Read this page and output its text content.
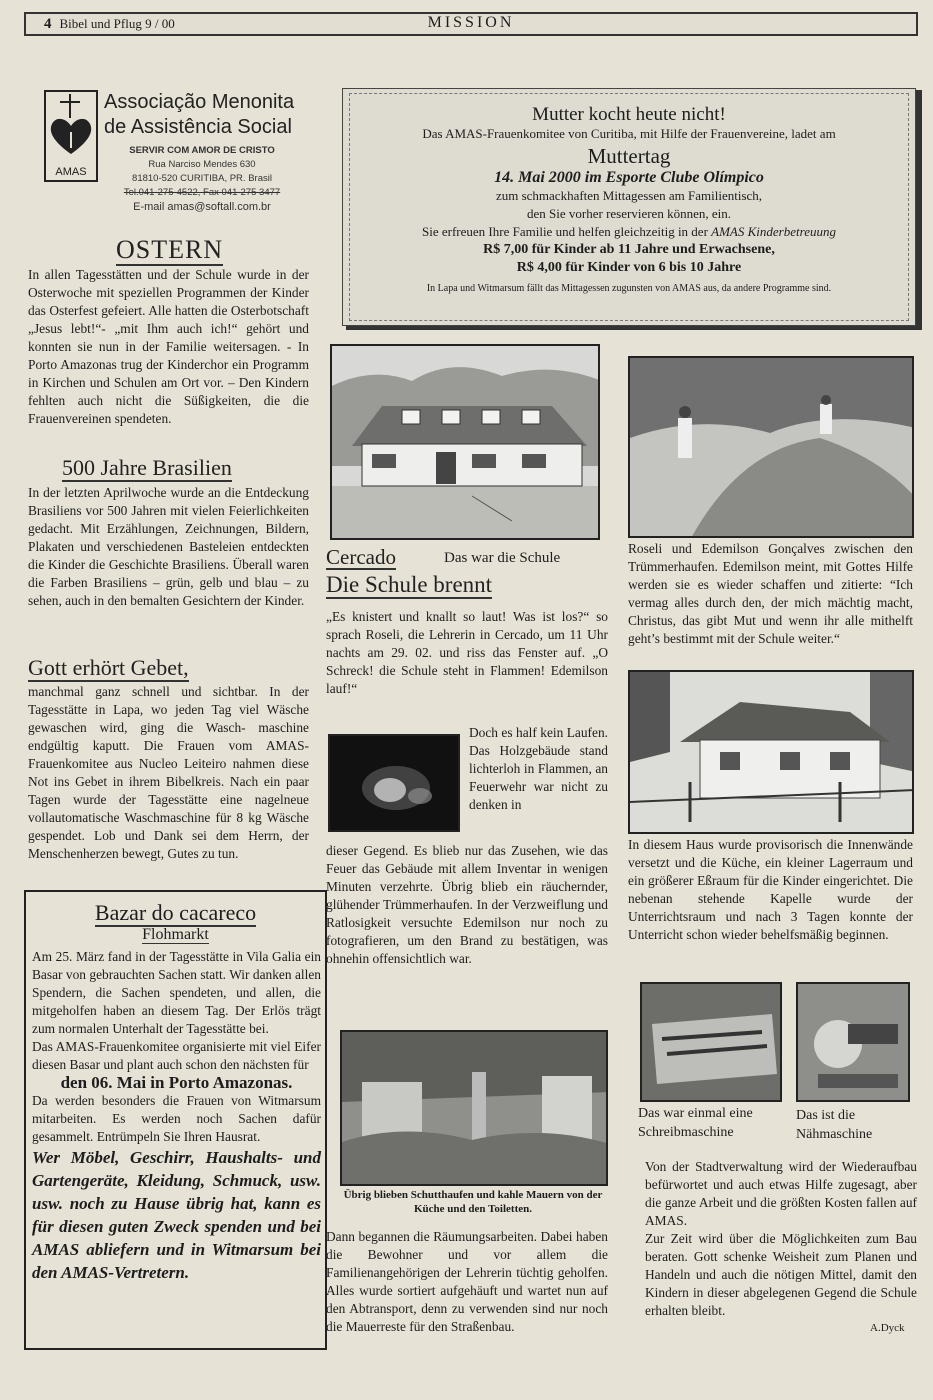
4 Bibel und Pflug 9 / 00	MISSION
AMAS
Associação Menonita
de Assistência Social
SERVIR COM AMOR DE CRISTO
Rua Narciso Mendes 630
81810-520 CURITIBA, PR. Brasil
Tel.041-275-4522, Fax 041-275 3477
E-mail amas@softall.com.br
OSTERN
In allen Tagesstätten und der Schule wurde in der Osterwoche mit speziellen Programmen der Kinder das Osterfest gefeiert. Alle hatten die Osterbotschaft „Jesus lebt!“- „mit Ihm auch ich!“ gehört und konnten sie nun in der Familie weitersagen. - In Porto Amazonas trug der Kinderchor ein Programm in Kirchen und Schulen am Ort vor. – Den Kindern fehlten auch nicht die Süßigkeiten, die die Frauenvereinen spendeten.
500 Jahre Brasilien
In der letzten Aprilwoche wurde an die Entdeckung Brasiliens vor 500 Jahren mit vielen Feierlichkeiten gedacht. Mit Erzählungen, Zeichnungen, Bildern, Plakaten und verschiedenen Basteleien entdeckten die Kinder die Geschichte Brasiliens. Überall waren die Farben Brasiliens – grün, gelb und blau – zu sehen, auch in den bemalten Gesichtern der Kinder.
Gott erhört Gebet,
manchmal ganz schnell und sichtbar. In der Tagesstätte in Lapa, wo jeden Tag viel Wäsche gewaschen wird, ging die Wasch- maschine endgültig kaputt. Die Frauen vom AMAS-Frauenkomitee aus Nucleo Leiteiro nahmen diese Not ins Gebet in ihrem Bibelkreis. Nach ein paar Tagen wurde der Tagesstätte eine nagelneue vollautomatische Waschmaschine für 8 kg Wäsche gespendet. Lob und Dank sei dem Herrn, der Menschenherzen bewegt, Gutes zu tun.
Bazar do cacareco
Flohmarkt

Am 25. März fand in der Tagesstätte in Vila Galia ein Basar von gebrauchten Sachen statt. Wir danken allen Spendern, die Sachen spendeten, und allen, die mitgeholfen haben an diesem Tag. Der Erlös trägt zum normalen Unterhalt der Tagesstätte bei.

Das AMAS-Frauenkomitee organisierte mit viel Eifer diesen Basar und plant auch schon den nächsten für

den 06. Mai in Porto Amazonas.

Da werden besonders die Frauen von Witmarsum mitarbeiten. Es werden noch Sachen dafür gesammelt. Entrümpeln Sie Ihren Hausrat.

Wer Möbel, Geschirr, Haushalts- und Gartengeräte, Kleidung, Schmuck, usw. usw. noch zu Hause übrig hat, kann es für diesen guten Zweck spenden und bei AMAS abliefern und in Witmarsum bei den AMAS-Vertretern.

Mutter kocht heute nicht!
Das AMAS-Frauenkomitee von Curitiba, mit Hilfe der Frauenvereine, ladet am
Muttertag
14. Mai 2000 im Esporte Clube Olímpico
zum schmackhaften Mittagessen am Familientisch,
den Sie vorher reservieren können, ein.
Sie erfreuen Ihre Familie und helfen gleichzeitig in der AMAS Kinderbetreuung
R$ 7,00 für Kinder ab 11 Jahre und Erwachsene,
R$ 4,00 für Kinder von 6 bis 10 Jahre
In Lapa und Witmarsum fällt das Mittagessen zugunsten von AMAS aus, da andere Programme sind.
Cercado	Das war die Schule
Die Schule brennt
„Es knistert und knallt so laut! Was ist los?“ so sprach Roseli, die Lehrerin in Cercado, um 11 Uhr nachts am 29. 02. und riss das Fenster auf. „O Schreck! die Schule steht in Flammen! Edemilson lauf!“
Doch es half kein Laufen. Das Holzgebäude stand lichterloh in Flammen, an Feuerwehr war nicht zu denken in
dieser Gegend. Es blieb nur das Zusehen, wie das Feuer das Gebäude mit allem Inventar in wenigen Minuten verzehrte. Übrig blieb ein räuchernder, glühender Trümmerhaufen. In der Verzweiflung und Ratlosigkeit versuchte Edemilson nur noch zu fotografieren, um den Brand zu bestätigen, was ohnehin offensichtlich war.
Übrig blieben Schutthaufen und kahle Mauern von der Küche und den Toiletten.
Dann begannen die Räumungsarbeiten. Dabei haben die Bewohner und vor allem die Familienangehörigen der Lehrerin tüchtig geholfen. Alles wurde sortiert aufgehäuft und wartet nun auf den Abtransport, denn zu verwenden sind nur noch die Mauerreste für den Straßenbau.
Roseli und Edemilson Gonçalves zwischen den Trümmerhaufen. Edemilson meint, mit Gottes Hilfe werden sie es wieder schaffen und zitierte: “Ich vermag alles durch den, der mich mächtig macht, Christus, das gibt Mut und wenn ihr alle mithelft geht’s bestimmt mit der Schule weiter.“
In diesem Haus wurde provisorisch die Innenwände versetzt und die Küche, ein kleiner Lagerraum und ein größerer Eßraum für die Kinder eingerichtet. Die nebenan stehende Kapelle wurde der Unterrichtsraum und nach 3 Tagen konnte der Unterricht schon wieder behelfsmäßig beginnen.
Das war einmal eine Schreibmaschine
Das ist die Nähmaschine

Von der Stadtverwaltung wird der Wiederaufbau befürwortet und auch etwas Hilfe zugesagt, aber die ganze Arbeit und die größten Kosten fallen auf AMAS.

Zur Zeit wird über die Möglichkeiten zum Bau beraten. Gott schenke Weisheit zum Planen und Handeln und auch die nötigen Mittel, damit den Kindern in dieser abgelegenen Gegend die Schule erhalten bleibt.

A.Dyck
